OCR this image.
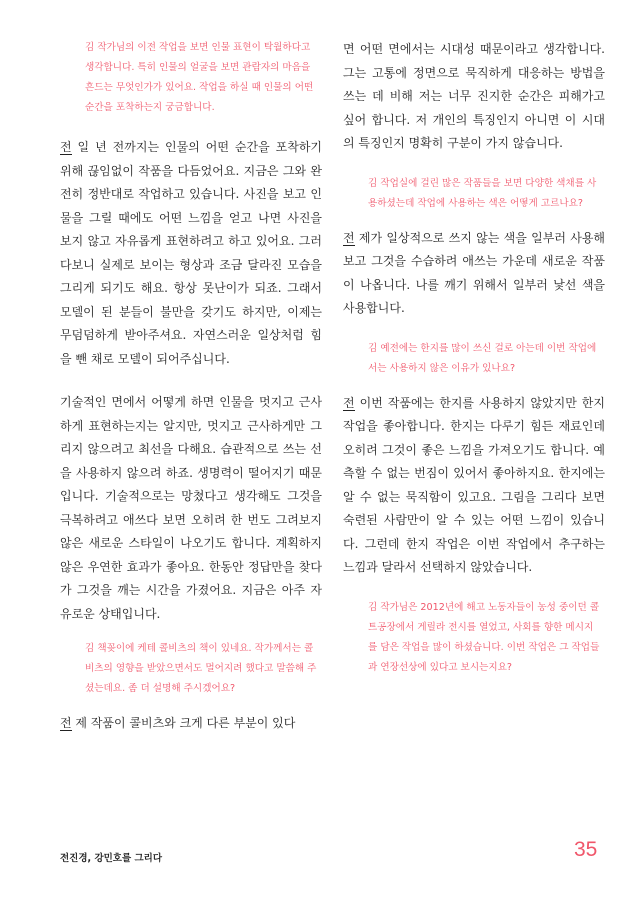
김 작가님의 이전 작업을 보면 인물 표현이 탁월하다고 생각합니다. 특히 인물의 얼굴을 보면 관람자의 마음을 흔드는 무엇인가가 있어요. 작업을 하실 때 인물의 어떤 순간을 포착하는지 궁금합니다.

전 일 년 전까지는 인물의 어떤 순간을 포착하기 위해 끊임없이 작품을 다듬었어요. 지금은 그와 완전히 정반대로 작업하고 있습니다. 사진을 보고 인물을 그릴 때에도 어떤 느낌을 얻고 나면 사진을 보지 않고 자유롭게 표현하려고 하고 있어요. 그러다보니 실제로 보이는 형상과 조금 달라진 모습을 그리게 되기도 해요. 항상 못난이가 되죠. 그래서 모델이 된 분들이 불만을 갖기도 하지만, 이제는 무덤덤하게 받아주셔요. 자연스러운 일상처럼 힘을 뺀 채로 모델이 되어주십니다.

기술적인 면에서 어떻게 하면 인물을 멋지고 근사하게 표현하는지는 알지만, 멋지고 근사하게만 그리지 않으려고 최선을 다해요. 습관적으로 쓰는 선을 사용하지 않으려 하죠. 생명력이 떨어지기 때문입니다. 기술적으로는 망쳤다고 생각해도 그것을 극복하려고 애쓰다 보면 오히려 한 번도 그려보지 않은 새로운 스타일이 나오기도 합니다. 계획하지 않은 우연한 효과가 좋아요. 한동안 정답만을 찾다가 그것을 깨는 시간을 가졌어요. 지금은 아주 자유로운 상태입니다.

김 책꽂이에 케테 콜비츠의 책이 있네요. 작가께서는 콜비츠의 영향을 받았으면서도 멀어지려 했다고 말씀해 주셨는데요. 좀 더 설명해 주시겠어요?

전 제 작품이 콜비츠와 크게 다른 부분이 있다

면 어떤 면에서는 시대성 때문이라고 생각합니다. 그는 고통에 정면으로 묵직하게 대응하는 방법을 쓰는 데 비해 저는 너무 진지한 순간은 피해가고 싶어 합니다. 저 개인의 특징인지 아니면 이 시대의 특징인지 명확히 구분이 가지 않습니다.

김 작업실에 걸린 많은 작품들을 보면 다양한 색채를 사용하셨는데 작업에 사용하는 색은 어떻게 고르나요?

전 제가 일상적으로 쓰지 않는 색을 일부러 사용해 보고 그것을 수습하려 애쓰는 가운데 새로운 작품이 나옵니다. 나를 깨기 위해서 일부러 낯선 색을 사용합니다.

김 예전에는 한지를 많이 쓰신 걸로 아는데 이번 작업에서는 사용하지 않은 이유가 있나요?

전 이번 작품에는 한지를 사용하지 않았지만 한지 작업을 좋아합니다. 한지는 다루기 힘든 재료인데 오히려 그것이 좋은 느낌을 가져오기도 합니다. 예측할 수 없는 번짐이 있어서 좋아하지요. 한지에는 알 수 없는 묵직함이 있고요. 그림을 그리다 보면 숙련된 사람만이 알 수 있는 어떤 느낌이 있습니다. 그런데 한지 작업은 이번 작업에서 추구하는 느낌과 달라서 선택하지 않았습니다.

김 작가님은 2012년에 해고 노동자들이 농성 중이던 콜트공장에서 게릴라 전시를 열었고, 사회를 향한 메시지를 담은 작업을 많이 하셨습니다. 이번 작업은 그 작업들과 연장선상에 있다고 보시는지요?

전진경, 강민호를 그리다	35
